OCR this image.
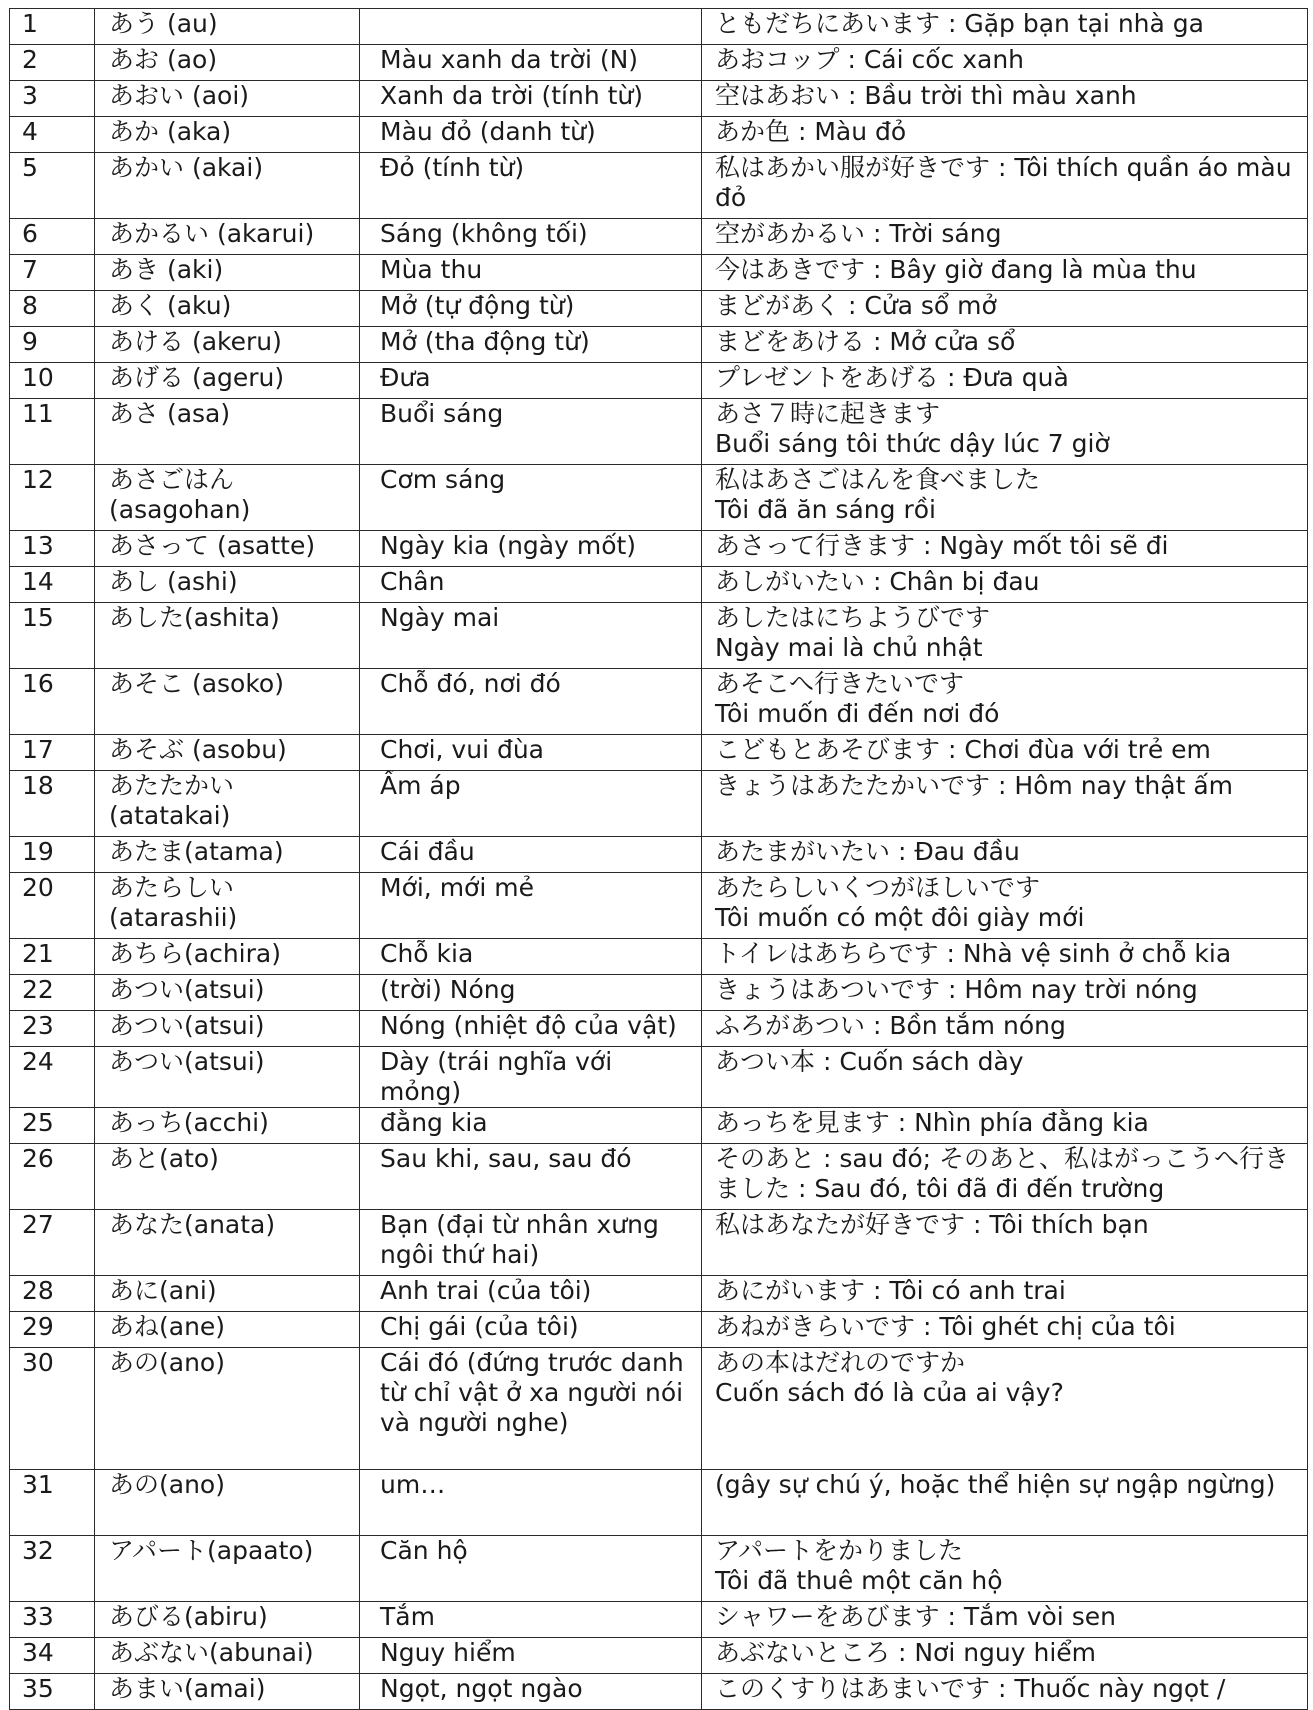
1	あう (au)		ともだちにあいます : Gặp bạn tại nhà ga
2	あお (ao)	Màu xanh da trời (N)	あおコップ : Cái cốc xanh
3	あおい (aoi)	Xanh da trời (tính từ)	空はあおい : Bầu trời thì màu xanh
4	あか (aka)	Màu đỏ (danh từ)	あか色 : Màu đỏ
5	あかい (akai)	Đỏ (tính từ)	私はあかい服が好きです : Tôi thích quần áo màu đỏ
6	あかるい (akarui)	Sáng (không tối)	空があかるい : Trời sáng
7	あき (aki)	Mùa thu	今はあきです : Bây giờ đang là mùa thu
8	あく (aku)	Mở (tự động từ)	まどがあく : Cửa sổ mở
9	あける (akeru)	Mở (tha động từ)	まどをあける : Mở cửa sổ
10	あげる (ageru)	Đưa	プレゼントをあげる : Đưa quà
11	あさ (asa)	Buổi sáng	あさ７時に起きます
Buổi sáng tôi thức dậy lúc 7 giờ
12	あさごはん (asagohan)	Cơm sáng	私はあさごはんを食べました
Tôi đã ăn sáng rồi
13	あさって (asatte)	Ngày kia (ngày mốt)	あさって行きます : Ngày mốt tôi sẽ đi
14	あし (ashi)	Chân	あしがいたい : Chân bị đau
15	あした(ashita)	Ngày mai	あしたはにちようびです
Ngày mai là chủ nhật
16	あそこ (asoko)	Chỗ đó, nơi đó	あそこへ行きたいです
Tôi muốn đi đến nơi đó
17	あそぶ (asobu)	Chơi, vui đùa	こどもとあそびます : Chơi đùa với trẻ em
18	あたたかい (atatakai)	Ấm áp	きょうはあたたかいです : Hôm nay thật ấm
19	あたま(atama)	Cái đầu	あたまがいたい : Đau đầu
20	あたらしい (atarashii)	Mới, mới mẻ	あたらしいくつがほしいです
Tôi muốn có một đôi giày mới
21	あちら(achira)	Chỗ kia	トイレはあちらです : Nhà vệ sinh ở chỗ kia
22	あつい(atsui)	(trời) Nóng	きょうはあついです : Hôm nay trời nóng
23	あつい(atsui)	Nóng (nhiệt độ của vật)	ふろがあつい : Bồn tắm nóng
24	あつい(atsui)	Dày (trái nghĩa với mỏng)	あつい本 : Cuốn sách dày
25	あっち(acchi)	đằng kia	あっちを見ます : Nhìn phía đằng kia
26	あと(ato)	Sau khi, sau, sau đó	そのあと : sau đó; そのあと、私はがっこうへ行きました : Sau đó, tôi đã đi đến trường
27	あなた(anata)	Bạn (đại từ nhân xưng ngôi thứ hai)	私はあなたが好きです : Tôi thích bạn
28	あに(ani)	Anh trai (của tôi)	あにがいます : Tôi có anh trai
29	あね(ane)	Chị gái (của tôi)	あねがきらいです : Tôi ghét chị của tôi
30	あの(ano)	Cái đó (đứng trước danh từ chỉ vật ở xa người nói và người nghe)	あの本はだれのですか
Cuốn sách đó là của ai vậy?
31	あの(ano)	um…	(gây sự chú ý, hoặc thể hiện sự ngập ngừng)
32	アパート(apaato)	Căn hộ	アパートをかりました
Tôi đã thuê một căn hộ
33	あびる(abiru)	Tắm	シャワーをあびます : Tắm vòi sen
34	あぶない(abunai)	Nguy hiểm	あぶないところ : Nơi nguy hiểm
35	あまい(amai)	Ngọt, ngọt ngào	このくすりはあまいです : Thuốc này ngọt /
